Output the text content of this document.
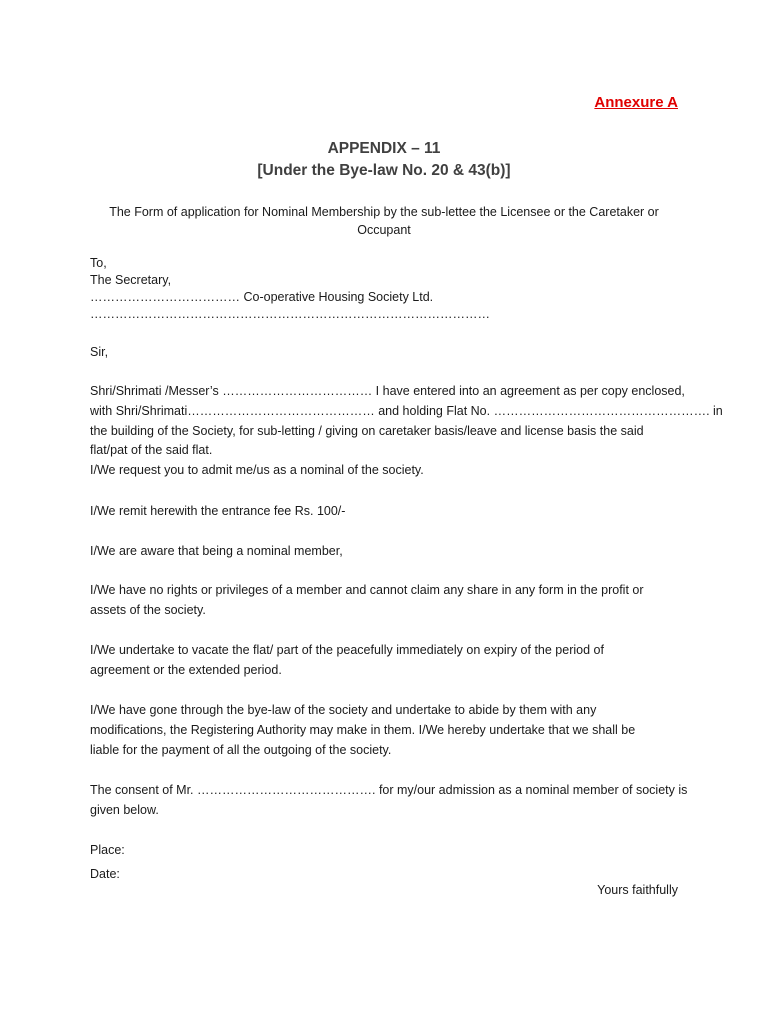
Annexure A
APPENDIX – 11
[Under the Bye-law No. 20 & 43(b)]
The Form of application for Nominal Membership by the sub-lettee the Licensee or the Caretaker or
Occupant
To,
The Secretary,
……………………………… Co-operative Housing Society Ltd.
……………………………………………………………………………………
Sir,
Shri/Shrimati /Messer’s ……………………………… I have entered into an agreement as per copy enclosed,
with Shri/Shrimati……………………………………… and holding Flat No. ……………………………………………. in
the building of the Society, for sub-letting / giving on caretaker basis/leave and license basis the said
flat/pat of the said flat.
I/We request you to admit me/us as a nominal of the society.
I/We remit herewith the entrance fee Rs. 100/-
I/We are aware that being a nominal member,
I/We have no rights or privileges of a member and cannot claim any share in any form in the profit or
assets of the society.
I/We undertake to vacate the flat/ part of the peacefully immediately on expiry of the period of
agreement or the extended period.
I/We have gone through the bye-law of the society and undertake to abide by them with any
modifications, the Registering Authority may make in them. I/We hereby undertake that we shall be
liable for the payment of all the outgoing of the society.
The consent of Mr. ……………………………………. for my/our admission as a nominal member of society is
given below.
Place:
Date:
Yours faithfully
